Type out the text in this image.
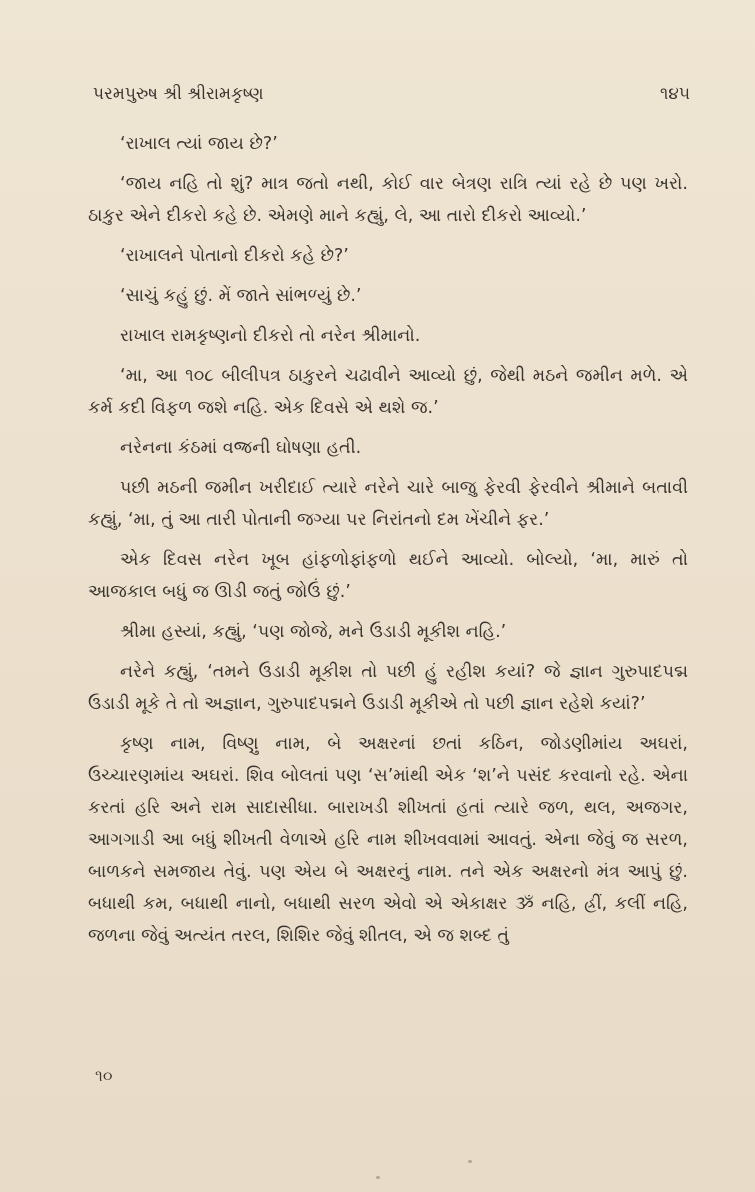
પરમપુરુષ શ્રી શ્રીરામકૃષ્ણ	૧૪૫

‘રાખાલ ત્યાં જાય છે?’

‘જાય નહિ તો શું? માત્ર જતો નથી, કોઈ વાર બેત્રણ રાત્રિ ત્યાં રહે છે પણ ખરો. ઠાકુર એને દીકરો કહે છે. એમણે માને કહ્યું, લે, આ તારો દીકરો આવ્યો.’

‘રાખાલને પોતાનો દીકરો કહે છે?’

‘સાચું કહું છું. મેં જાતે સાંભળ્યું છે.’

રાખાલ રામકૃષ્ણનો દીકરો તો નરેન શ્રીમાનો.

‘મા, આ ૧૦૮ બીલીપત્ર ઠાકુરને ચઢાવીને આવ્યો છું, જેથી મઠને જમીન મળે. એ કર્મ કદી વિફળ જશે નહિ. એક દિવસે એ થશે જ.’

નરેનના કંઠમાં વજ્રની ઘોષણા હતી.

પછી મઠની જમીન ખરીદાઈ ત્યારે નરેને ચારે બાજુ ફેરવી ફેરવીને શ્રીમાને બતાવી કહ્યું, ‘મા, તું આ તારી પોતાની જગ્યા પર નિરાંતનો દમ ખેંચીને ફર.’

એક દિવસ નરેન ખૂબ હાંફળોફાંફળો થઈને આવ્યો. બોલ્યો, ‘મા, મારું તો આજકાલ બધું જ ઊડી જતું જોઉં છું.’

શ્રીમા હસ્યાં, કહ્યું, ‘પણ જોજે, મને ઉડાડી મૂકીશ નહિ.’

નરેને કહ્યું, ‘તમને ઉડાડી મૂકીશ તો પછી હું રહીશ કયાં? જે જ્ઞાન ગુરુપાદપદ્મ ઉડાડી મૂકે તે તો અજ્ઞાન, ગુરુપાદપદ્મને ઉડાડી મૂકીએ તો પછી જ્ઞાન રહેશે કયાં?’

કૃષ્ણ નામ, વિષ્ણુ નામ, બે અક્ષરનાં છતાં કઠિન, જોડણીમાંય અઘરાં, ઉચ્ચારણમાંય અઘરાં. શિવ બોલતાં પણ ‘સ’માંથી એક ‘શ’ને પસંદ કરવાનો રહે. એના કરતાં હરિ અને રામ સાદાસીધા. બારાખડી શીખતાં હતાં ત્યારે જળ, થલ, અજગર, આગગાડી આ બધું શીખતી વેળાએ હરિ નામ શીખવવામાં આવતું. એના જેવું જ સરળ, બાળકને સમજાય તેવું. પણ એય બે અક્ષરનું નામ. તને એક અક્ષરનો મંત્ર આપું છું. બધાથી કમ, બધાથી નાનો, બધાથી સરળ એવો એ એકાક્ષર ૐ નહિ, હ્રીં, કલીં નહિ, જળના જેવું અત્યંત તરલ, શિશિર જેવું શીતલ, એ જ શબ્દ તું

૧૦
